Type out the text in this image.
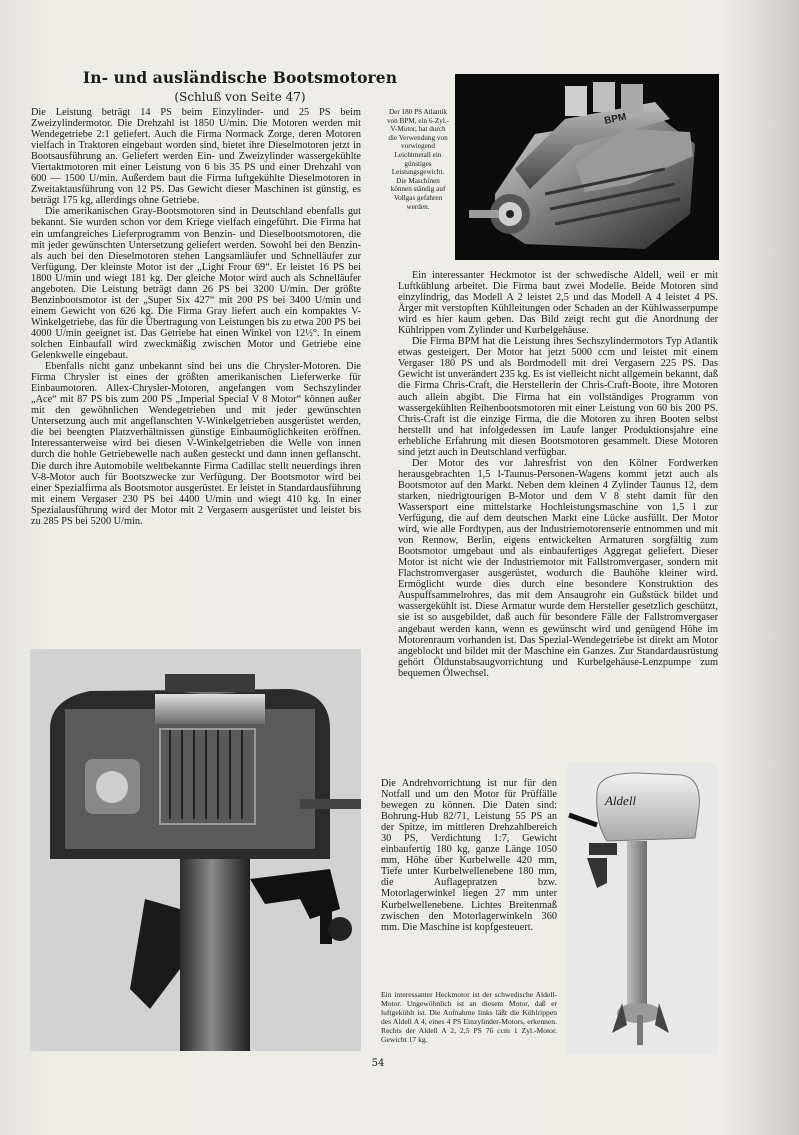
In- und ausländische Bootsmotoren
(Schluß von Seite 47)

Die Leistung beträgt 14 PS beim Einzylinder- und 25 PS beim Zweizylindermotor. Die Drehzahl ist 1850 U/min. Die Motoren werden mit Wendegetriebe 2:1 geliefert. Auch die Firma Normack Zorge, deren Motoren vielfach in Traktoren eingebaut worden sind, bietet ihre Dieselmotoren jetzt in Bootsausführung an. Geliefert werden Ein- und Zweizylinder wassergekühlte Viertaktmotoren mit einer Leistung von 6 bis 35 PS und einer Drehzahl von 600 — 1500 U/min. Außerdem baut die Firma luftgekühlte Dieselmotoren in Zweitaktausführung von 12 PS. Das Gewicht dieser Maschinen ist günstig, es beträgt 175 kg, allerdings ohne Getriebe.

Die amerikanischen Gray-Bootsmotoren sind in Deutschland ebenfalls gut bekannt. Sie wurden schon vor dem Kriege vielfach eingeführt. Die Firma hat ein umfangreiches Lieferprogramm von Benzin- und Dieselbootsmotoren, die mit jeder gewünschten Untersetzung geliefert werden. Sowohl bei den Benzin- als auch bei den Dieselmotoren stehen Langsamläufer und Schnelläufer zur Verfügung. Der kleinste Motor ist der „Light Frour 69“. Er leistet 16 PS bei 1800 U/min und wiegt 181 kg. Der gleiche Motor wird auch als Schnelläufer angeboten. Die Leistung beträgt dann 26 PS bei 3200 U/min. Der größte Benzinbootsmotor ist der „Super Six 427“ mit 200 PS bei 3400 U/min und einem Gewicht von 626 kg. Die Firma Gray liefert auch ein kompaktes V-Winkelgetriebe, das für die Übertragung von Leistungen bis zu etwa 200 PS bei 4000 U/min geeignet ist. Das Getriebe hat einen Winkel von 12½°. In einem solchen Einbaufall wird zweckmäßig zwischen Motor und Getriebe eine Gelenkwelle eingebaut.

Ebenfalls nicht ganz unbekannt sind bei uns die Chrysler-Motoren. Die Firma Chrysler ist eines der größten amerikanischen Lieferwerke für Einbaumotoren. Allex-Chrysler-Motoren, angefangen vom Sechszylinder „Ace“ mit 87 PS bis zum 200 PS „Imperial Special V 8 Motor“ können außer mit den gewöhnlichen Wendegetrieben und mit jeder gewünschten Untersetzung auch mit angeflanschten V-Winkelgetrieben ausgerüstet werden, die bei beengten Platzverhältnissen günstige Einbaumöglichkeiten eröffnen. Interessanterweise wird bei diesen V-Winkelgetrieben die Welle von innen durch die hohle Getriebewelle nach außen gesteckt und dann innen geflanscht. Die durch ihre Automobile weltbekannte Firma Cadillac stellt neuerdings ihren V-8-Motor auch für Bootszwecke zur Verfügung. Der Bootsmotor wird bei einer Spezialfirma als Bootsmotor ausgerüstet. Er leistet in Standardausführung mit einem Vergaser 230 PS bei 4400 U/min und wiegt 410 kg. In einer Spezialausführung wird der Motor mit 2 Vergasern ausgerüstet und leistet bis zu 285 PS bei 5200 U/min.

Der 180 PS Atlantik von BPM, ein 6-Zyl.-V-Motor, hat durch die Verwendung von vorwiegend Leichtmetall ein günstiges Leistungsgewicht. Die Maschinen können ständig auf Vollgas gefahren werden.
BPM

Ein interessanter Heckmotor ist der schwedische Aldell, weil er mit Luftkühlung arbeitet. Die Firma baut zwei Modelle. Beide Motoren sind einzylindrig, das Modell A 2 leistet 2,5 und das Modell A 4 leistet 4 PS. Ärger mit verstopften Kühlleitungen oder Schaden an der Kühlwasserpumpe wird es hier kaum geben. Das Bild zeigt recht gut die Anordnung der Kühlrippen vom Zylinder und Kurbelgehäuse.

Die Firma BPM hat die Leistung ihres Sechszylindermotors Typ Atlantik etwas gesteigert. Der Motor hat jetzt 5000 ccm und leistet mit einem Vergaser 180 PS und als Bordmodell mit drei Vergasern 225 PS. Das Gewicht ist unverändert 235 kg. Es ist vielleicht nicht allgemein bekannt, daß die Firma Chris-Craft, die Herstellerin der Chris-Craft-Boote, ihre Motoren auch allein abgibt. Die Firma hat ein vollständiges Programm von wassergekühlten Reihenbootsmotoren mit einer Leistung von 60 bis 200 PS. Chris-Craft ist die einzige Firma, die die Motoren zu ihren Booten selbst herstellt und hat infolgedessen im Laufe langer Produktionsjahre eine erhebliche Erfahrung mit diesen Bootsmotoren gesammelt. Diese Motoren sind jetzt auch in Deutschland verfügbar.

Der Motor des vor Jahresfrist von den Kölner Fordwerken herausgebrachten 1,5 l-Taunus-Personen-Wagens kommt jetzt auch als Bootsmotor auf den Markt. Neben dem kleinen 4 Zylinder Taunus 12, dem starken, niedrigtourigen B-Motor und dem V 8 steht damit für den Wassersport eine mittelstarke Hochleistungsmaschine von 1,5 l zur Verfügung, die auf dem deutschen Markt eine Lücke ausfüllt. Der Motor wird, wie alle Fordtypen, aus der Industriemotorenserie entnommen und mit von Rennow, Berlin, eigens entwickelten Armaturen sorgfältig zum Bootsmotor umgebaut und als einbaufertiges Aggregat geliefert. Dieser Motor ist nicht wie der Industriemotor mit Fallstromvergaser, sondern mit Flachstromvergaser ausgerüstet, wodurch die Bauhöhe kleiner wird. Ermöglicht wurde dies durch eine besondere Konstruktion des Auspuffsammelrohres, das mit dem Ansaugrohr ein Gußstück bildet und wassergekühlt ist. Diese Armatur wurde dem Hersteller gesetzlich geschützt, sie ist so ausgebildet, daß auch für besondere Fälle der Fallstromvergaser angebaut werden kann, wenn es gewünscht wird und genügend Höhe im Motorenraum vorhanden ist. Das Spezial-Wendegetriebe ist direkt am Motor angeblockt und bildet mit der Maschine ein Ganzes. Zur Standardausrüstung gehört Öldunstabsaugvorrichtung und Kurbelgehäuse-Lenzpumpe zum bequemen Ölwechsel.

Die Andrehvorrichtung ist nur für den Notfall und um den Motor für Prüffälle bewegen zu können. Die Daten sind: Bohrung-Hub 82/71, Leistung 55 PS an der Spitze, im mittleren Drehzahlbereich 30 PS, Verdichtung 1:7, Gewicht einbaufertig 180 kg, ganze Länge 1050 mm, Höhe über Kurbelwelle 420 mm, Tiefe unter Kurbelwellenebene 180 mm, die Auflagepratzen bzw. Motorlagerwinkel liegen 27 mm unter Kurbelwellenebene. Lichtes Breitenmaß zwischen den Motorlagerwinkeln 360 mm. Die Maschine ist kopfgesteuert.

Ein interessanter Heckmotor ist der schwedische Aldell-Motor. Ungewöhnlich ist an diesem Motor, daß er luftgekühlt ist. Die Aufnahme links läßt die Kühlrippen des Aldell A 4, eines 4 PS Einzylinder-Motors, erkennen. Rechts der Aldell A 2, 2,5 PS 76 ccm 1 Zyl.-Motor. Gewicht 17 kg.
Aldell
54
